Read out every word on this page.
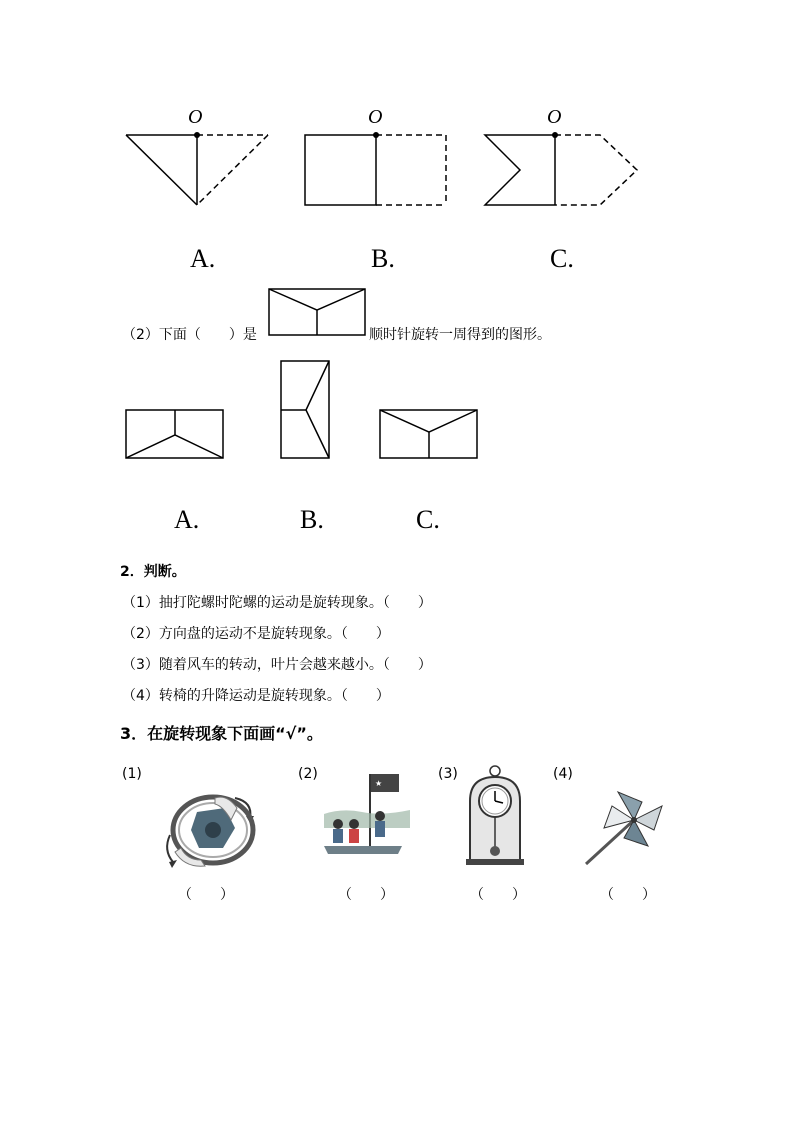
O	O	O
A.	B.	C.
（2）下面（　　）是	顺时针旋转一周得到的图形。
A.	B.	C.
2．判断。
（1）抽打陀螺时陀螺的运动是旋转现象。（　　）
（2）方向盘的运动不是旋转现象。（　　）
（3）随着风车的转动，叶片会越来越小。（　　）
（4）转椅的升降运动是旋转现象。（　　）
3．在旋转现象下面画“√”。
(1)	(2)	(3)	(4)
★
（　　）	（　　）	（　　）	（　　）
